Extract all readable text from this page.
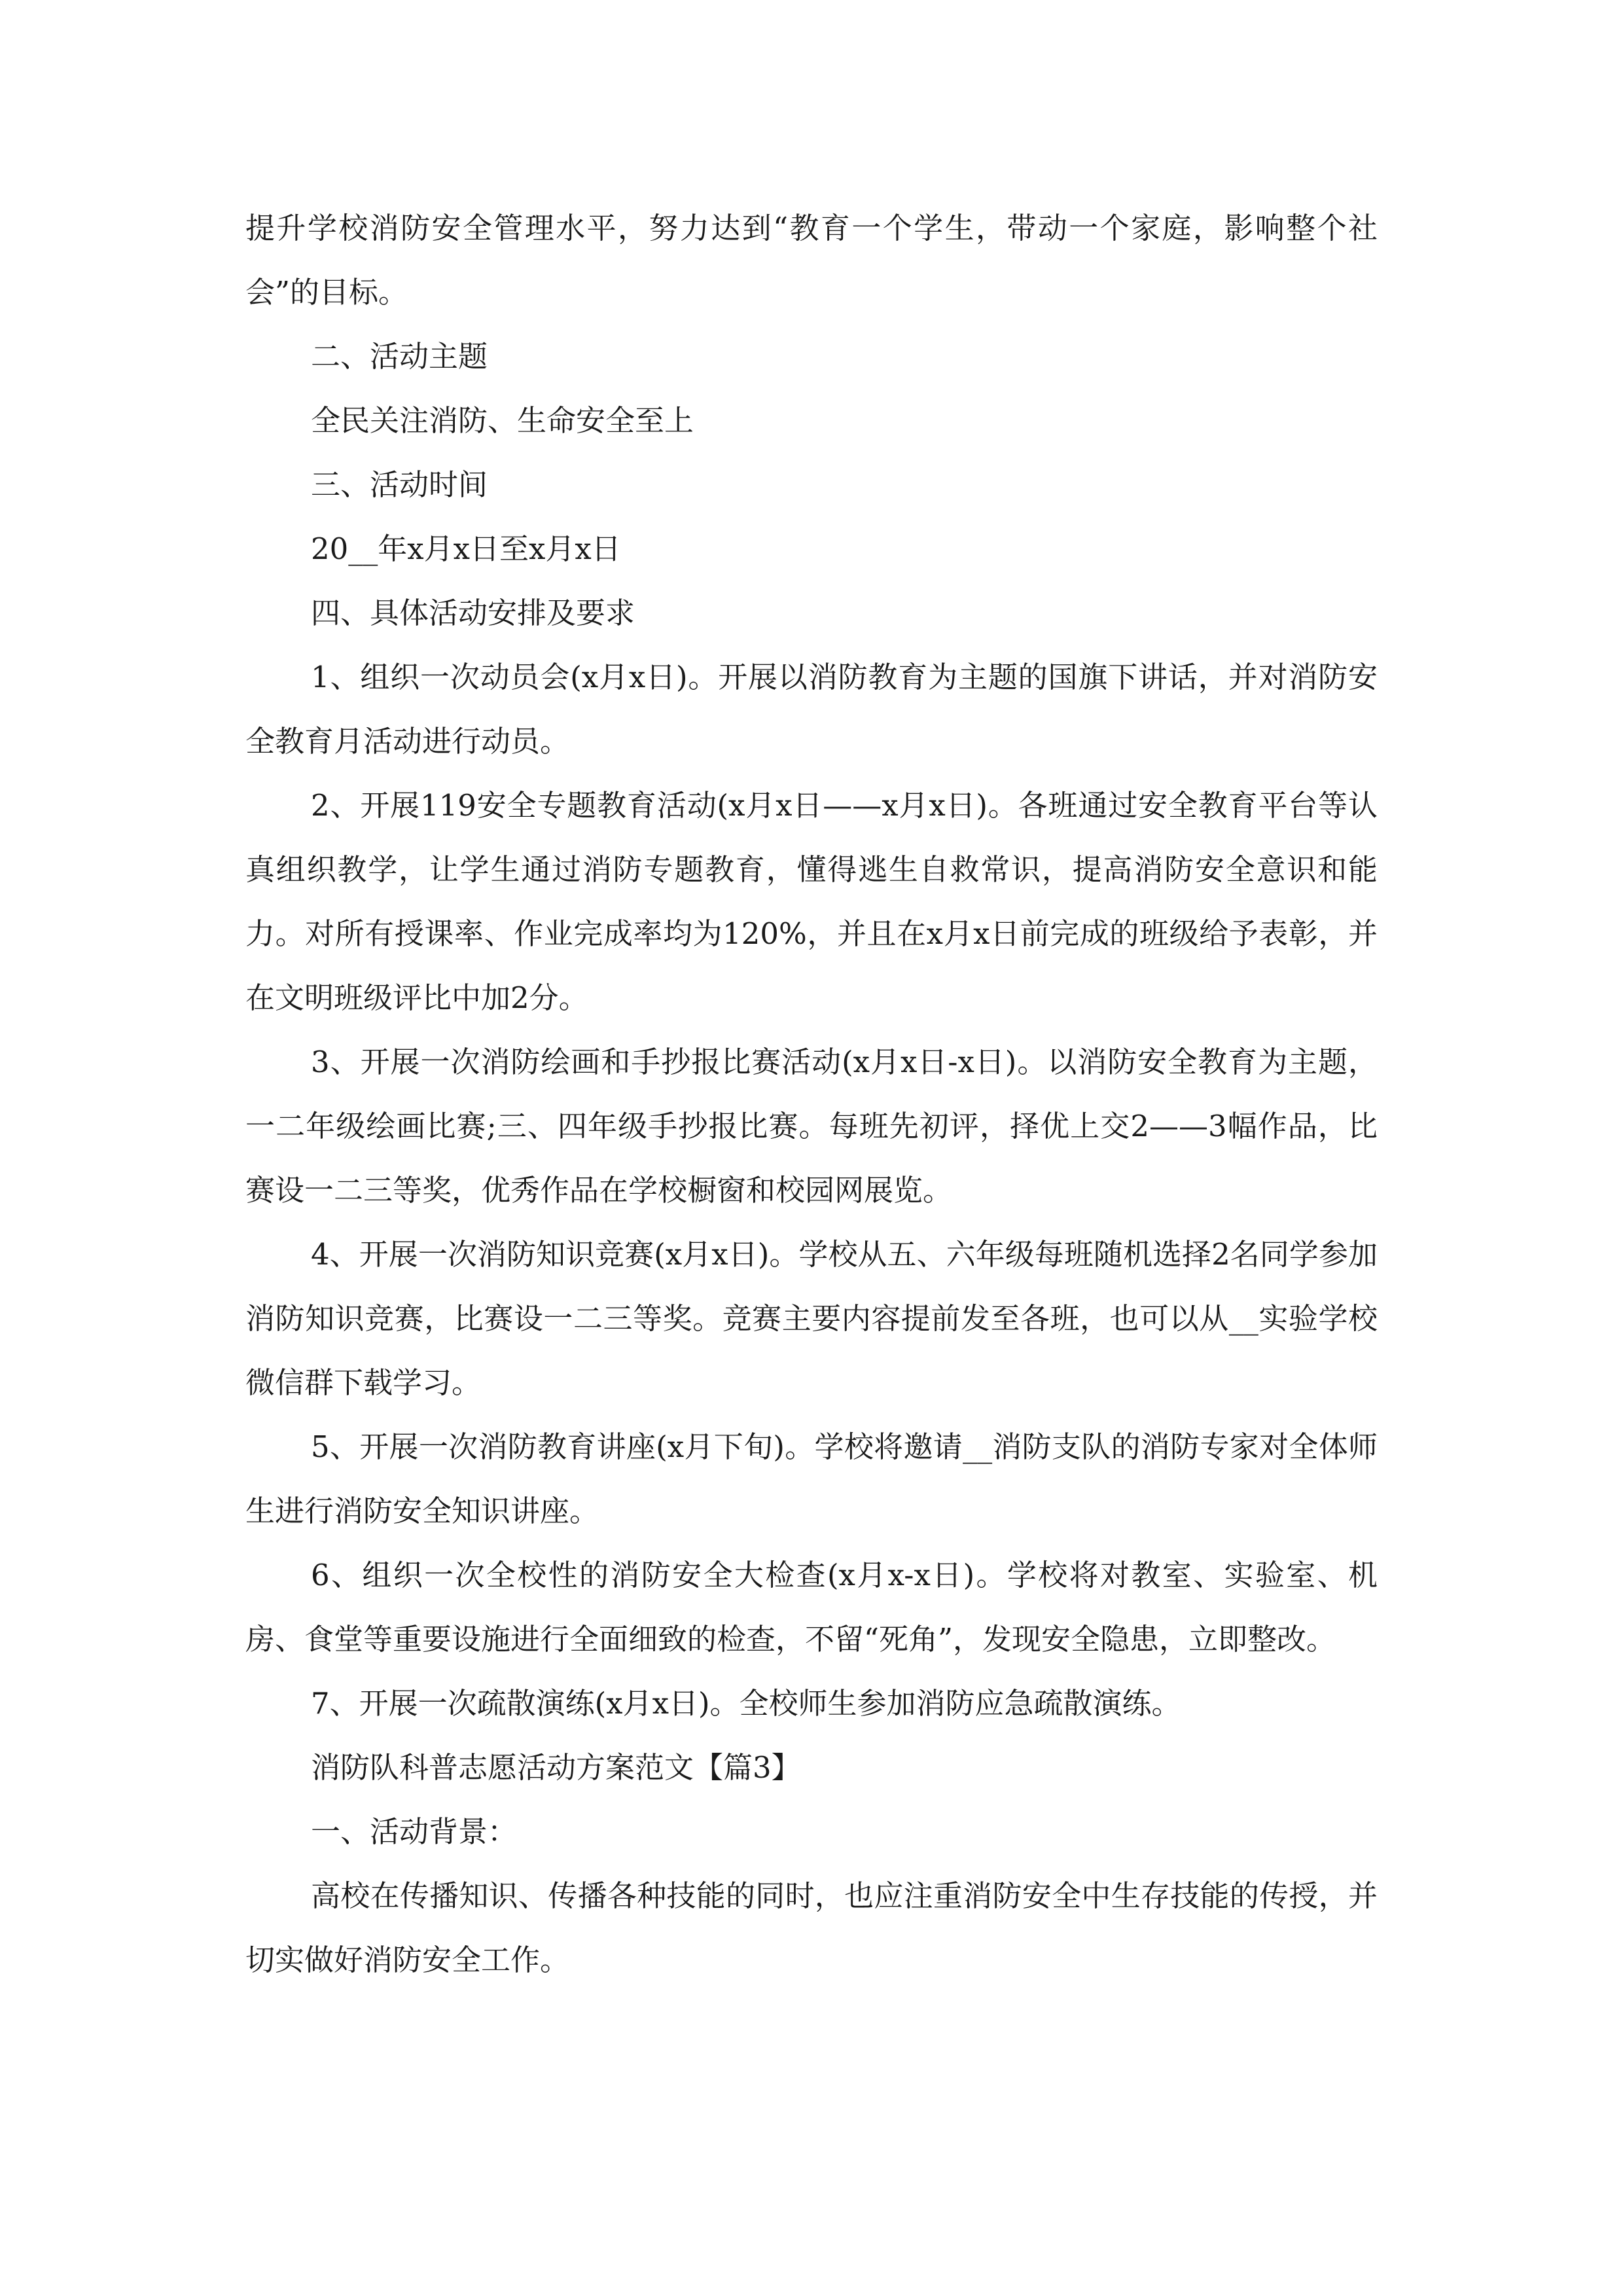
提升学校消防安全管理水平，努力达到“教育一个学生，带动一个家庭，影响整个社会”的目标。

二、活动主题

全民关注消防、生命安全至上

三、活动时间

20__年x月x日至x月x日

四、具体活动安排及要求

1、组织一次动员会(x月x日)。开展以消防教育为主题的国旗下讲话，并对消防安全教育月活动进行动员。

2、开展119安全专题教育活动(x月x日——x月x日)。各班通过安全教育平台等认真组织教学，让学生通过消防专题教育，懂得逃生自救常识，提高消防安全意识和能力。对所有授课率、作业完成率均为120%，并且在x月x日前完成的班级给予表彰，并在文明班级评比中加2分。

3、开展一次消防绘画和手抄报比赛活动(x月x日-x日)。以消防安全教育为主题，一二年级绘画比赛;三、四年级手抄报比赛。每班先初评，择优上交2——3幅作品，比赛设一二三等奖，优秀作品在学校橱窗和校园网展览。

4、开展一次消防知识竞赛(x月x日)。学校从五、六年级每班随机选择2名同学参加消防知识竞赛，比赛设一二三等奖。竞赛主要内容提前发至各班，也可以从__实验学校微信群下载学习。

5、开展一次消防教育讲座(x月下旬)。学校将邀请__消防支队的消防专家对全体师生进行消防安全知识讲座。

6、组织一次全校性的消防安全大检查(x月x-x日)。学校将对教室、实验室、机房、食堂等重要设施进行全面细致的检查，不留“死角”，发现安全隐患，立即整改。

7、开展一次疏散演练(x月x日)。全校师生参加消防应急疏散演练。

消防队科普志愿活动方案范文【篇3】

一、活动背景：

高校在传播知识、传播各种技能的同时，也应注重消防安全中生存技能的传授，并切实做好消防安全工作。
